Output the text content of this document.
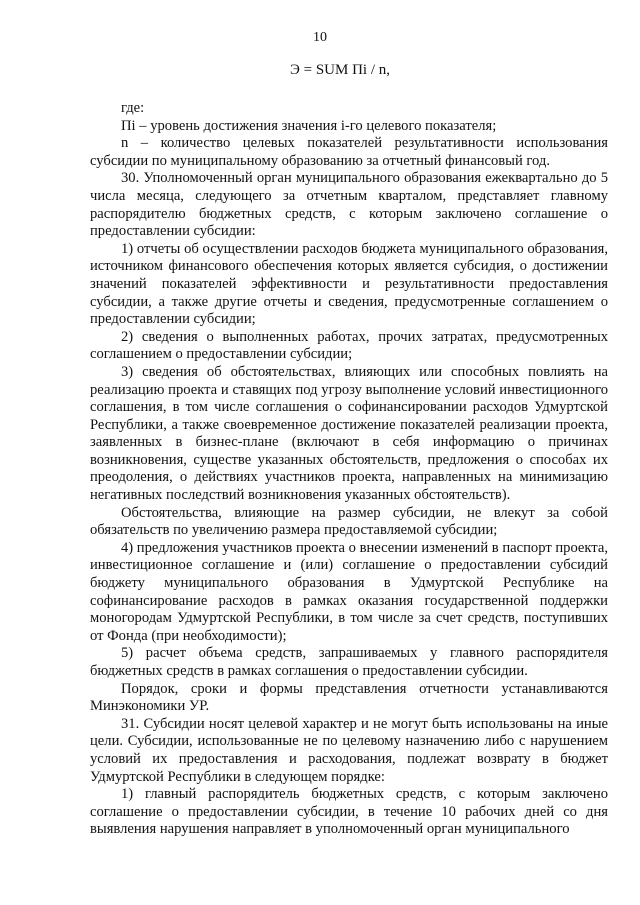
10
Э = SUM Пi / n,

где:

Пi – уровень достижения значения i-го целевого показателя;

n – количество целевых показателей результативности использования субсидии по муниципальному образованию за отчетный финансовый год.

30. Уполномоченный орган муниципального образования ежеквартально до 5 числа месяца, следующего за отчетным кварталом, представляет главному распорядителю бюджетных средств, с которым заключено соглашение о предоставлении субсидии:

1) отчеты об осуществлении расходов бюджета муниципального образования, источником финансового обеспечения которых является субсидия, о достижении значений показателей эффективности и результативности предоставления субсидии, а также другие отчеты и сведения, предусмотренные соглашением о предоставлении субсидии;

2) сведения о выполненных работах, прочих затратах, предусмотренных соглашением о предоставлении субсидии;

3) сведения об обстоятельствах, влияющих или способных повлиять на реализацию проекта и ставящих под угрозу выполнение условий инвестиционного соглашения, в том числе соглашения о софинансировании расходов Удмуртской Республики, а также своевременное достижение показателей реализации проекта, заявленных в бизнес-плане (включают в себя информацию о причинах возникновения, существе указанных обстоятельств, предложения о способах их преодоления, о действиях участников проекта, направленных на минимизацию негативных последствий возникновения указанных обстоятельств).

Обстоятельства, влияющие на размер субсидии, не влекут за собой обязательств по увеличению размера предоставляемой субсидии;

4) предложения участников проекта о внесении изменений в паспорт проекта, инвестиционное соглашение и (или) соглашение о предоставлении субсидий бюджету муниципального образования в Удмуртской Республике на софинансирование расходов в рамках оказания государственной поддержки моногородам Удмуртской Республики, в том числе за счет средств, поступивших от Фонда (при необходимости);

5) расчет объема средств, запрашиваемых у главного распорядителя бюджетных средств в рамках соглашения о предоставлении субсидии.

Порядок, сроки и формы представления отчетности устанавливаются Минэкономики УР.

31. Субсидии носят целевой характер и не могут быть использованы на иные цели. Субсидии, использованные не по целевому назначению либо с нарушением условий их предоставления и расходования, подлежат возврату в бюджет Удмуртской Республики в следующем порядке:

1) главный распорядитель бюджетных средств, с которым заключено соглашение о предоставлении субсидии, в течение 10 рабочих дней со дня выявления нарушения направляет в уполномоченный орган муниципального
